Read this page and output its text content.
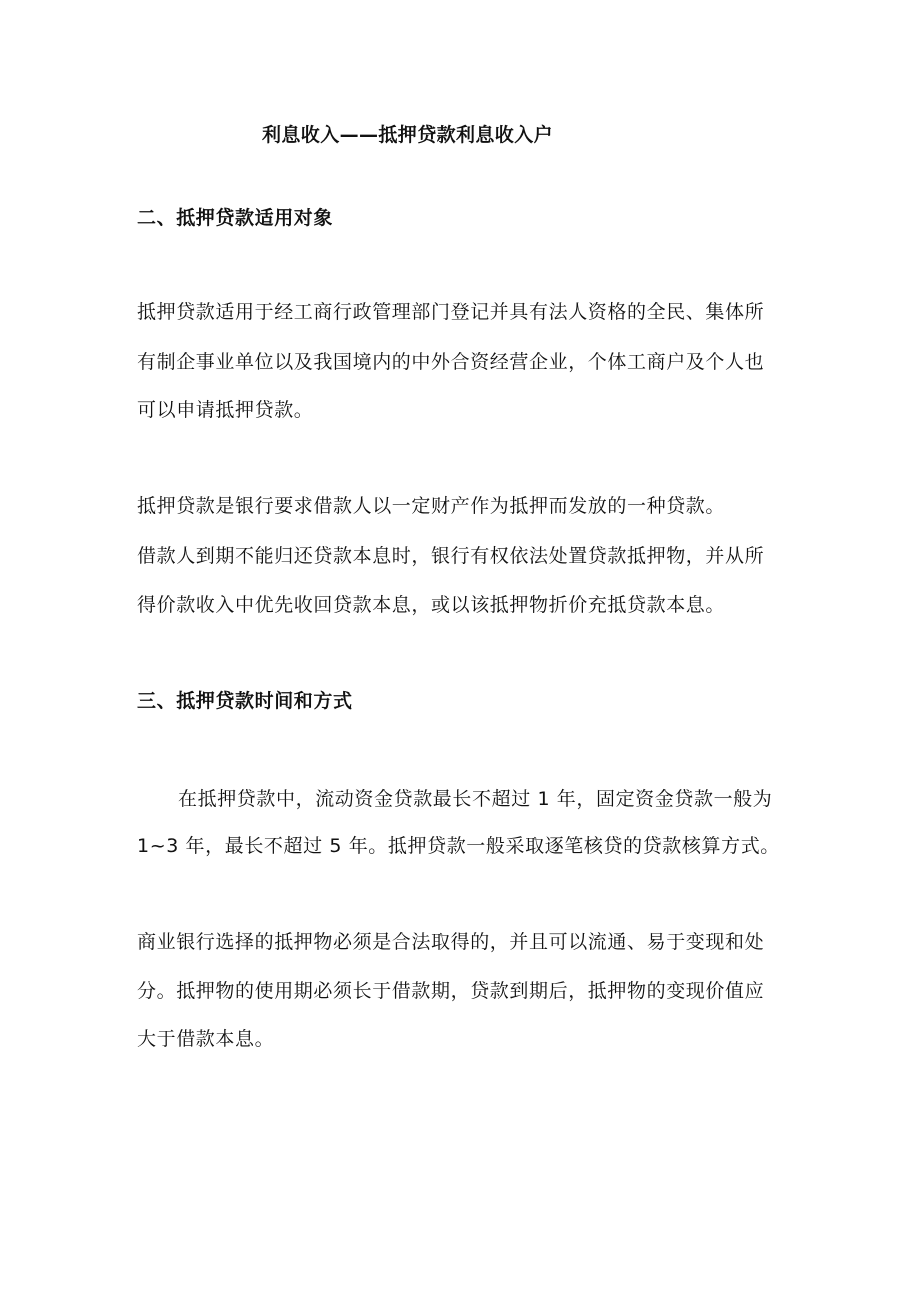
利息收入——抵押贷款利息收入户
二、抵押贷款适用对象

抵押贷款适用于经工商行政管理部门登记并具有法人资格的全民、集体所

有制企事业单位以及我国境内的中外合资经营企业，个体工商户及个人也

可以申请抵押贷款。

抵押贷款是银行要求借款人以一定财产作为抵押而发放的一种贷款。

借款人到期不能归还贷款本息时，银行有权依法处置贷款抵押物，并从所

得价款收入中优先收回贷款本息，或以该抵押物折价充抵贷款本息。

三、抵押贷款时间和方式

在抵押贷款中，流动资金贷款最长不超过 1 年，固定资金贷款一般为

1~3 年，最长不超过 5 年。抵押贷款一般采取逐笔核贷的贷款核算方式。

商业银行选择的抵押物必须是合法取得的，并且可以流通、易于变现和处

分。抵押物的使用期必须长于借款期，贷款到期后，抵押物的变现价值应

大于借款本息。
